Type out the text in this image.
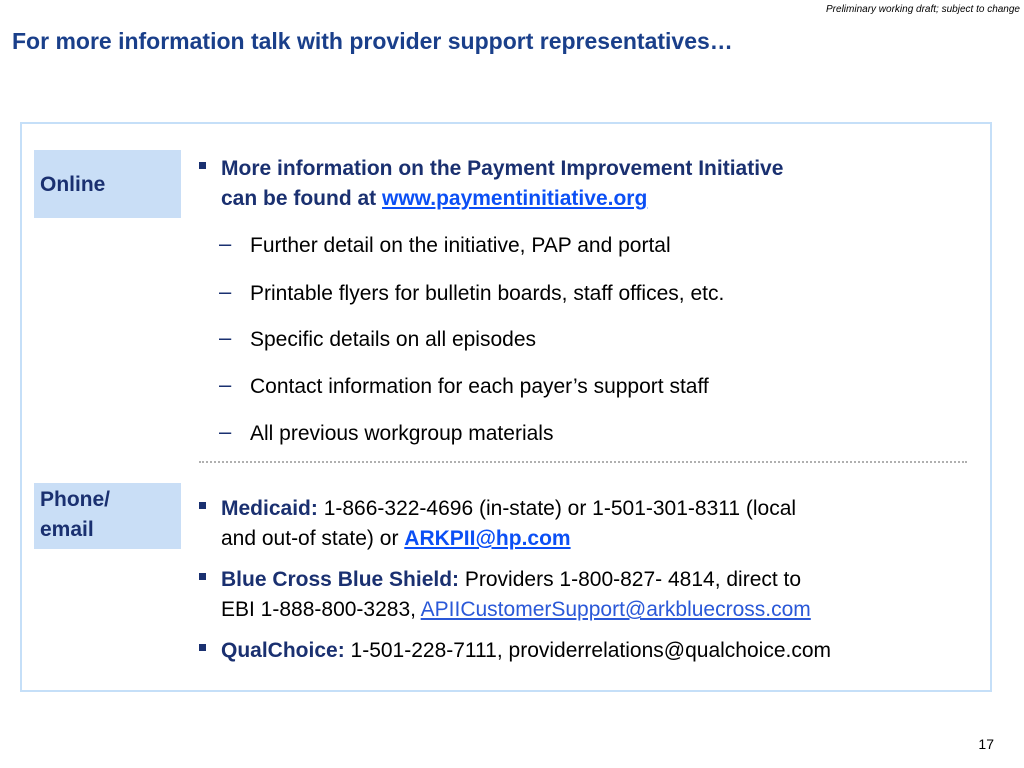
Preliminary working draft; subject to change
For more information talk with provider support representatives…
Online
More information on the Payment Improvement Initiative
can be found at www.paymentinitiative.org
– Further detail on the initiative, PAP and portal
– Printable flyers for bulletin boards, staff offices, etc.
– Specific details on all episodes
– Contact information for each payer’s support staff
– All previous workgroup materials
Phone/
email
Medicaid: 1-866-322-4696 (in-state) or 1-501-301-8311 (local
and out-of state) or ARKPII@hp.com
Blue Cross Blue Shield: Providers 1-800-827- 4814, direct to
EBI 1-888-800-3283, APIICustomerSupport@arkbluecross.com
QualChoice: 1-501-228-7111, providerrelations@qualchoice.com
17
